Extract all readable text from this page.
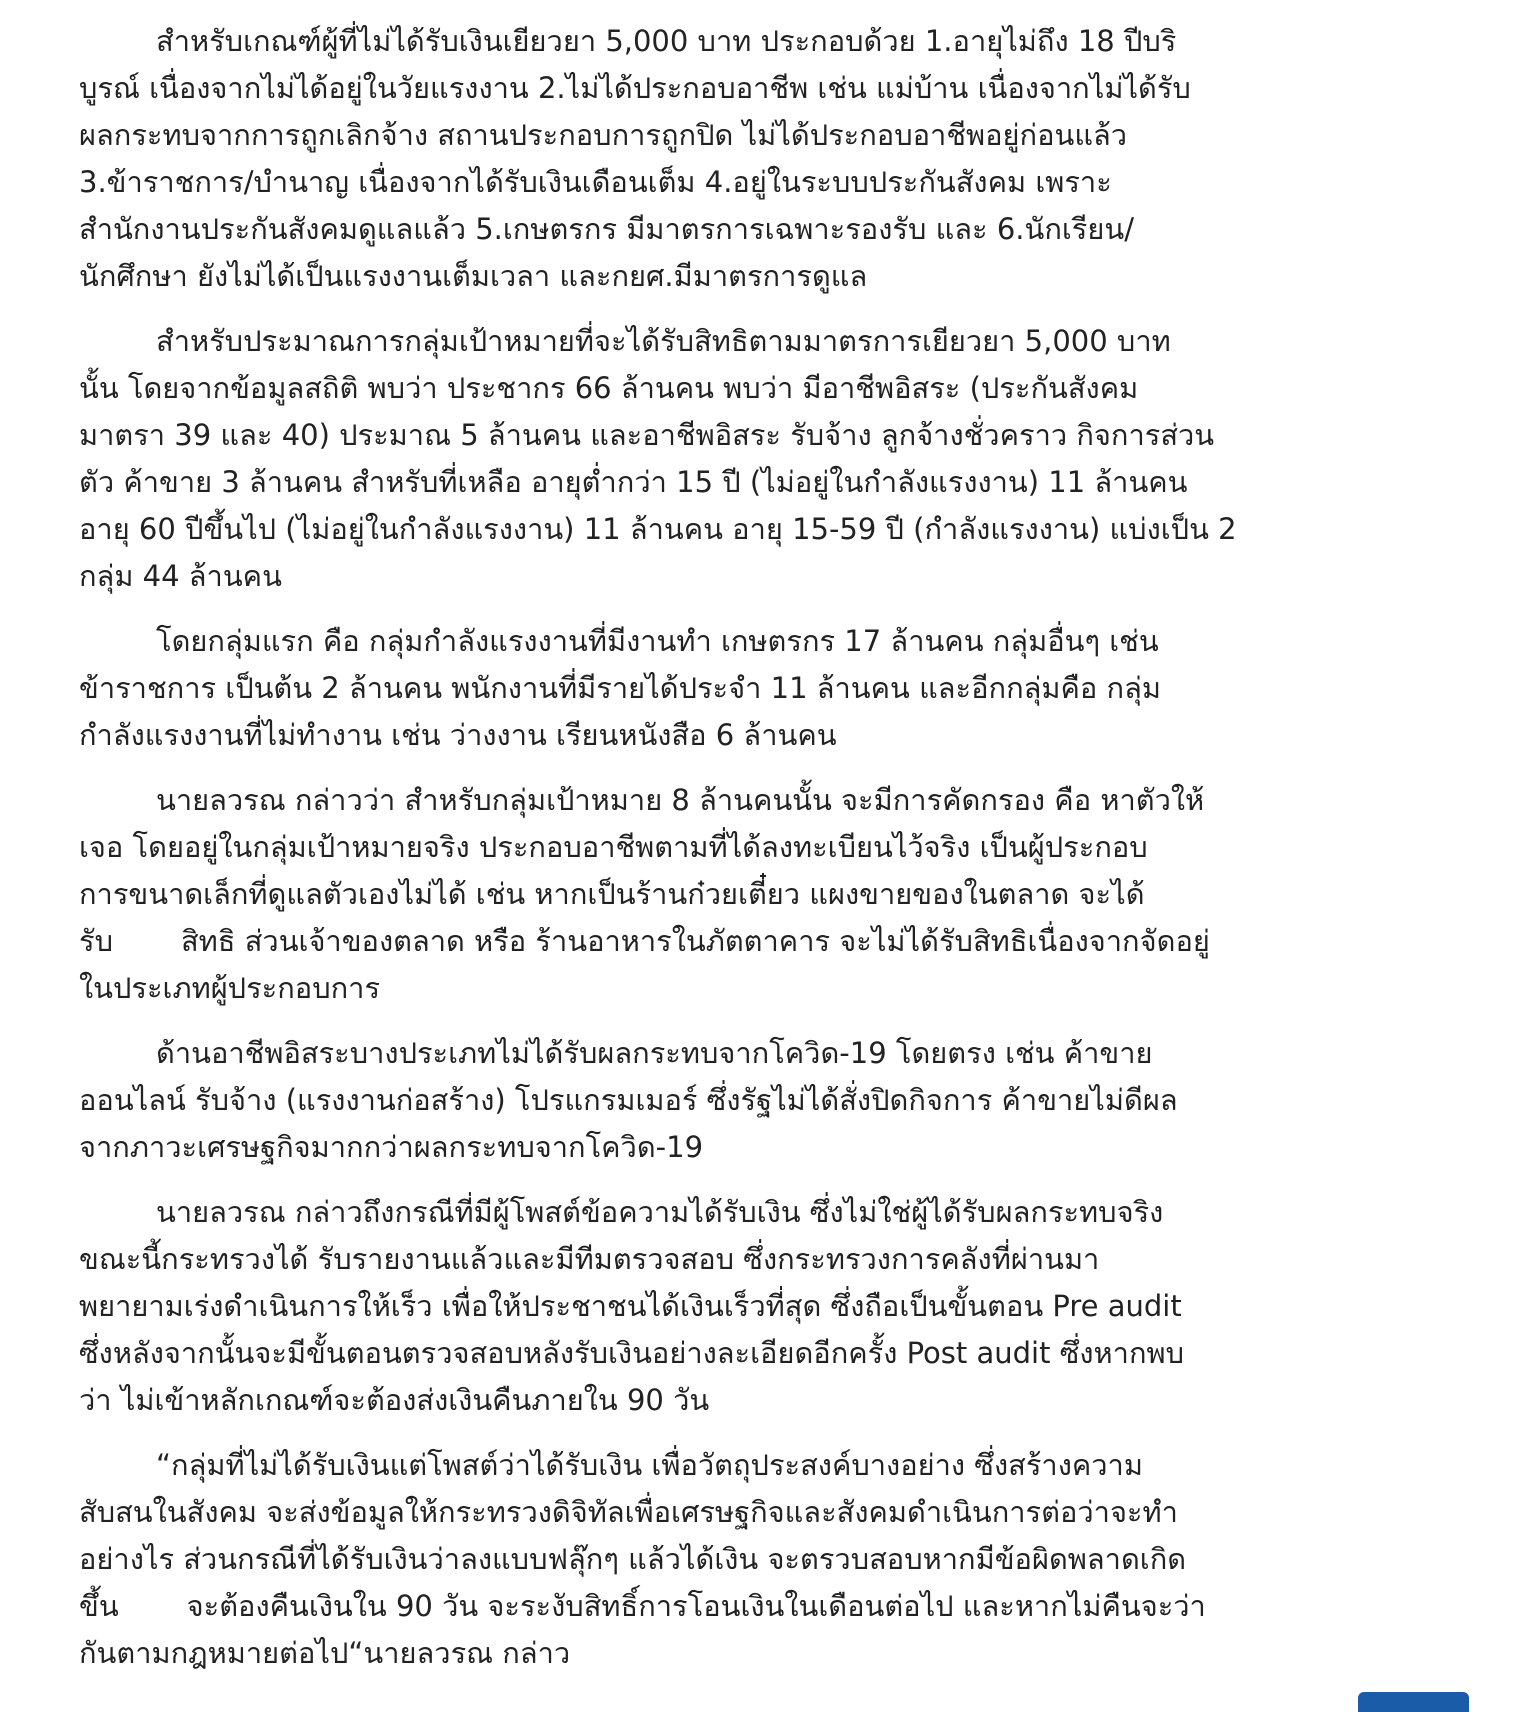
สำหรับเกณฑ์ผู้ที่ไม่ได้รับเงินเยียวยา 5,000 บาท ประกอบด้วย 1.อายุไม่ถึง 18 ปีบริ
บูรณ์ เนื่องจากไม่ได้อยู่ในวัยแรงงาน 2.ไม่ได้ประกอบอาชีพ เช่น แม่บ้าน เนื่องจากไม่ได้รับ
ผลกระทบจากการถูกเลิกจ้าง สถานประกอบการถูกปิด ไม่ได้ประกอบอาชีพอยู่ก่อนแล้ว
3.ข้าราชการ/บำนาญ เนื่องจากได้รับเงินเดือนเต็ม 4.อยู่ในระบบประกันสังคม เพราะ
สำนักงานประกันสังคมดูแลแล้ว 5.เกษตรกร มีมาตรการเฉพาะรองรับ และ 6.นักเรียน/
นักศึกษา ยังไม่ได้เป็นแรงงานเต็มเวลา และกยศ.มีมาตรการดูแล

สำหรับประมาณการกลุ่มเป้าหมายที่จะได้รับสิทธิตามมาตรการเยียวยา 5,000 บาท
นั้น โดยจากข้อมูลสถิติ พบว่า ประชากร 66 ล้านคน พบว่า มีอาชีพอิสระ (ประกันสังคม
มาตรา 39 และ 40) ประมาณ 5 ล้านคน และอาชีพอิสระ รับจ้าง ลูกจ้างชั่วคราว กิจการส่วน
ตัว ค้าขาย 3 ล้านคน สำหรับที่เหลือ อายุต่ำกว่า 15 ปี (ไม่อยู่ในกำลังแรงงาน) 11 ล้านคน
อายุ 60 ปีขึ้นไป (ไม่อยู่ในกำลังแรงงาน) 11 ล้านคน อายุ 15-59 ปี (กำลังแรงงาน) แบ่งเป็น 2
กลุ่ม 44 ล้านคน

โดยกลุ่มแรก คือ กลุ่มกำลังแรงงานที่มีงานทำ เกษตรกร 17 ล้านคน กลุ่มอื่นๆ เช่น
ข้าราชการ เป็นต้น 2 ล้านคน พนักงานที่มีรายได้ประจำ 11 ล้านคน และอีกกลุ่มคือ กลุ่ม
กำลังแรงงานที่ไม่ทำงาน เช่น ว่างงาน เรียนหนังสือ 6 ล้านคน

นายลวรณ กล่าวว่า สำหรับกลุ่มเป้าหมาย 8 ล้านคนนั้น จะมีการคัดกรอง คือ หาตัวให้
เจอ โดยอยู่ในกลุ่มเป้าหมายจริง ประกอบอาชีพตามที่ได้ลงทะเบียนไว้จริง เป็นผู้ประกอบ
การขนาดเล็กที่ดูแลตัวเองไม่ได้ เช่น หากเป็นร้านก๋วยเตี๋ยว แผงขายของในตลาด จะได้
รับ สิทธิ ส่วนเจ้าของตลาด หรือ ร้านอาหารในภัตตาคาร จะไม่ได้รับสิทธิเนื่องจากจัดอยู่
ในประเภทผู้ประกอบการ

ด้านอาชีพอิสระบางประเภทไม่ได้รับผลกระทบจากโควิด-19 โดยตรง เช่น ค้าขาย
ออนไลน์ รับจ้าง (แรงงานก่อสร้าง) โปรแกรมเมอร์ ซึ่งรัฐไม่ได้สั่งปิดกิจการ ค้าขายไม่ดีผล
จากภาวะเศรษฐกิจมากกว่าผลกระทบจากโควิด-19

นายลวรณ กล่าวถึงกรณีที่มีผู้โพสต์ข้อความได้รับเงิน ซึ่งไม่ใช่ผู้ได้รับผลกระทบจริง
ขณะนี้กระทรวงได้ รับรายงานแล้วและมีทีมตรวจสอบ ซึ่งกระทรวงการคลังที่ผ่านมา
พยายามเร่งดำเนินการให้เร็ว เพื่อให้ประชาชนได้เงินเร็วที่สุด ซึ่งถือเป็นขั้นตอน Pre audit
ซึ่งหลังจากนั้นจะมีขั้นตอนตรวจสอบหลังรับเงินอย่างละเอียดอีกครั้ง Post audit ซึ่งหากพบ
ว่า ไม่เข้าหลักเกณฑ์จะต้องส่งเงินคืนภายใน 90 วัน

“กลุ่มที่ไม่ได้รับเงินแต่โพสต์ว่าได้รับเงิน เพื่อวัตถุประสงค์บางอย่าง ซึ่งสร้างความ
สับสนในสังคม จะส่งข้อมูลให้กระทรวงดิจิทัลเพื่อเศรษฐกิจและสังคมดำเนินการต่อว่าจะทำ
อย่างไร ส่วนกรณีที่ได้รับเงินว่าลงแบบฟลุ๊กๆ แล้วได้เงิน จะตรวบสอบหากมีข้อผิดพลาดเกิด
ขึ้น จะต้องคืนเงินใน 90 วัน จะระงับสิทธิ์การโอนเงินในเดือนต่อไป และหากไม่คืนจะว่า
กันตามกฎหมายต่อไป“นายลวรณ กล่าว
